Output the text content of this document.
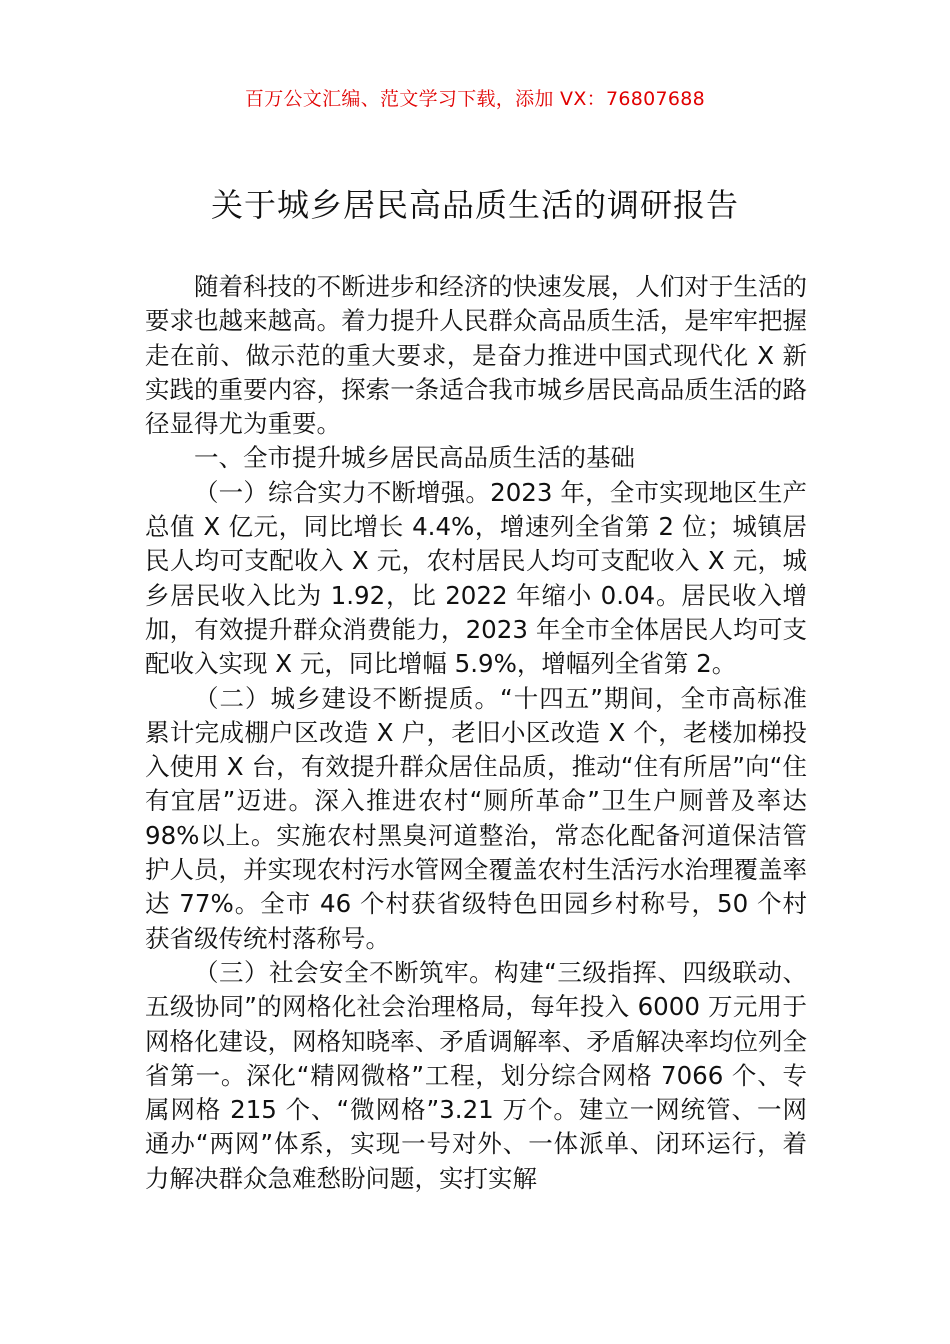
百万公文汇编、范文学习下载，添加 VX：76807688
关于城乡居民高品质生活的调研报告

随着科技的不断进步和经济的快速发展，人们对于生活的要求也越来越高。着力提升人民群众高品质生活，是牢牢把握走在前、做示范的重大要求，是奋力推进中国式现代化 X 新实践的重要内容，探索一条适合我市城乡居民高品质生活的路径显得尤为重要。

一、全市提升城乡居民高品质生活的基础

（一）综合实力不断增强。2023 年，全市实现地区生产总值 X 亿元，同比增长 4.4%，增速列全省第 2 位；城镇居民人均可支配收入 X 元，农村居民人均可支配收入 X 元，城乡居民收入比为 1.92，比 2022 年缩小 0.04。居民收入增加，有效提升群众消费能力，2023 年全市全体居民人均可支配收入实现 X 元，同比增幅 5.9%，增幅列全省第 2。

（二）城乡建设不断提质。“十四五”期间，全市高标准累计完成棚户区改造 X 户，老旧小区改造 X 个，老楼加梯投入使用 X 台，有效提升群众居住品质，推动“住有所居”向“住有宜居”迈进。深入推进农村“厕所革命”卫生户厕普及率达 98%以上。实施农村黑臭河道整治，常态化配备河道保洁管护人员，并实现农村污水管网全覆盖农村生活污水治理覆盖率达 77%。全市 46 个村获省级特色田园乡村称号，50 个村获省级传统村落称号。

（三）社会安全不断筑牢。构建“三级指挥、四级联动、五级协同”的网格化社会治理格局，每年投入 6000 万元用于网格化建设，网格知晓率、矛盾调解率、矛盾解决率均位列全省第一。深化“精网微格”工程，划分综合网格 7066 个、专属网格 215 个、“微网格”3.21 万个。建立一网统管、一网通办“两网”体系，实现一号对外、一体派单、闭环运行，着力解决群众急难愁盼问题，实打实解
